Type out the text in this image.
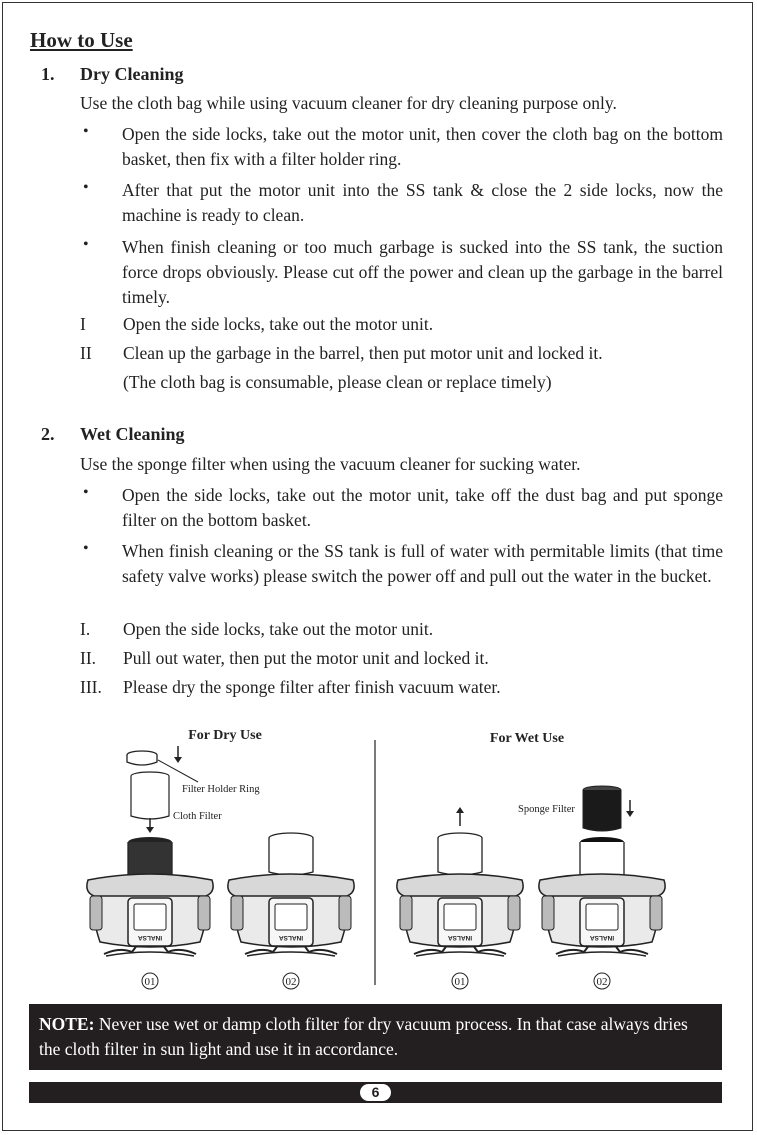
How to Use
1. Dry Cleaning
Use the cloth bag while using vacuum cleaner for dry cleaning purpose only.
• Open the side locks, take out the motor unit, then cover the cloth bag on the bottom basket, then fix with a filter holder ring.
• After that put the motor unit into the SS tank & close the 2 side locks, now the machine is ready to clean.
• When finish cleaning or too much garbage is sucked into the SS tank, the suction force drops obviously. Please cut off the power and clean up the garbage in the barrel timely.
I Open the side locks, take out the motor unit.
II Clean up the garbage in the barrel, then put motor unit and locked it.
(The cloth bag is consumable, please clean or replace timely)
2. Wet Cleaning
Use the sponge filter when using the vacuum cleaner for sucking water.
• Open the side locks, take out the motor unit, take off the dust bag and put sponge filter on the bottom basket.
• When finish cleaning or the SS tank is full of water with permitable limits (that time safety valve works) please switch the power off and pull out the water in the bucket.
I. Open the side locks, take out the motor unit.
II. Pull out water, then put the motor unit and locked it.
III. Please dry the sponge filter after finish vacuum water.
INALSA
For Dry Use	For Wet Use
Filter Holder Ring
Cloth Filter
01	02	01
Sponge Filter
02
NOTE: Never use wet or damp cloth filter for dry vacuum process. In that case always dries the cloth filter in sun light and use it in accordance.
6
